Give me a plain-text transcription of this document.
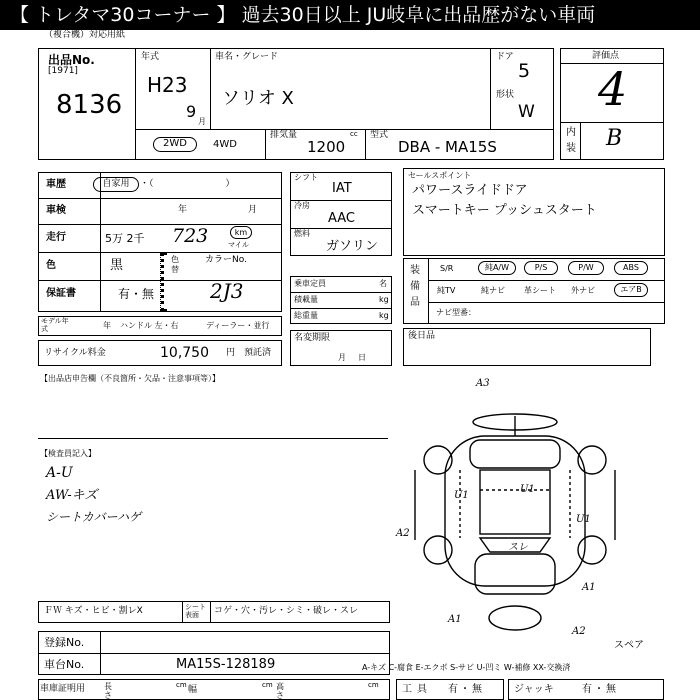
【 トレタマ30コーナー 】 過去30日以上 JU岐阜に出品歴がない車両
（複合機）対応用紙
出品No.
[1971]
8136
年式
H23
9
月
車名・グレード
ソリオ X
ドア
5
形状
W
2WD	4WD
排気量	cc
1200
型式
DBA - MA15S
評価点
4
内
装 B
車歴	自家用	・（　　　　　　　　）
車検	年	月
走行	5万 2千 723	km
マイル
色	黒	色替
カラーNo.
保証書	有・無	2J3
モデル年式	年 ハンドル 左・右	ディーラー・並行
リサイクル料金	10,750 円 預託済
シフト
IAT
冷房
AAC
燃料
ガソリン
乗車定員	名
積載量	kg
総重量	kg
名変期限
月日
セールスポイント
パワースライドドア
スマートキー プッシュスタート
装
備
品
S/R	純A/W	P/S	P/W	ABS
純TV	純ナビ 革シート 外ナビ	エアB
ナビ型番：
後日品
【出品店申告欄（不良箇所・欠品・注意事項等）】
【検査員記入】
A-U
AW-キズ
シートカバーハゲ
A3
U1
U1
U1
A2
スレ
A1
A1
A2
スペア
ＦＷ キズ・ヒビ・割レX	シート表面	コゲ・穴・汚レ・シミ・破レ・スレ
登録No.
車台No.	MA15S-128189	A-キズ C-腐食 E-エクボ S-サビ U-凹ミ W-補修 XX-交換済
車庫証明用 長さ
cm 幅	cm 高さ
cm 工具 有・無	ジャッキ	有・無
